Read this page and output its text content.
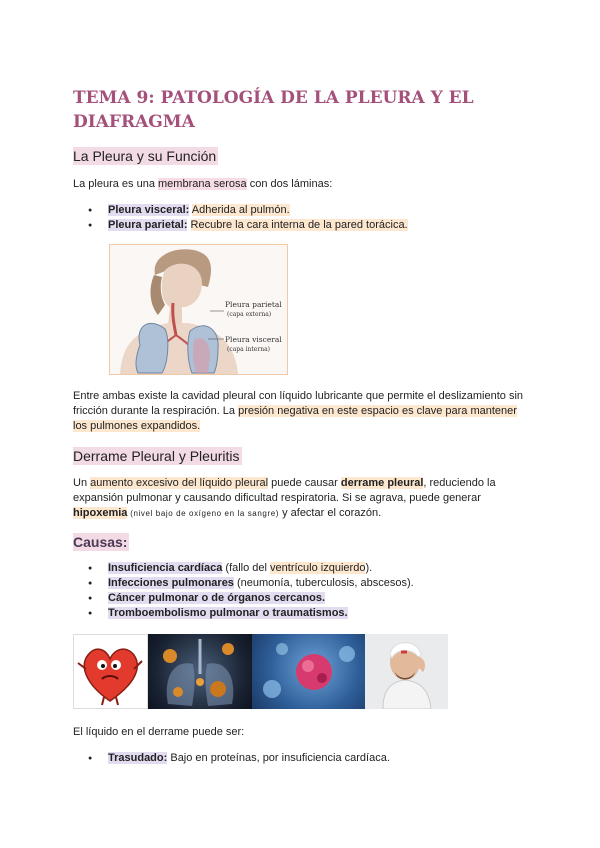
TEMA 9: PATOLOGÍA DE LA PLEURA Y EL DIAFRAGMA
La Pleura y su Función

La pleura es una membrana serosa con dos láminas:

● Pleura visceral: Adherida al pulmón.
● Pleura parietal: Recubre la cara interna de la pared torácica.
Pleura parietal
(capa externa)
Pleura visceral
(capa interna)

Entre ambas existe la cavidad pleural con líquido lubricante que permite el deslizamiento sin fricción durante la respiración. La presión negativa en este espacio es clave para mantener los pulmones expandidos.

Derrame Pleural y Pleuritis

Un aumento excesivo del líquido pleural puede causar derrame pleural, reduciendo la expansión pulmonar y causando dificultad respiratoria. Si se agrava, puede generar hipoxemia (nivel bajo de oxígeno en la sangre) y afectar el corazón.

Causas:
● Insuficiencia cardíaca (fallo del ventrículo izquierdo).
● Infecciones pulmonares (neumonía, tuberculosis, abscesos).
● Cáncer pulmonar o de órganos cercanos.
● Tromboembolismo pulmonar o traumatismos.

El líquido en el derrame puede ser:

● Trasudado: Bajo en proteínas, por insuficiencia cardíaca.
